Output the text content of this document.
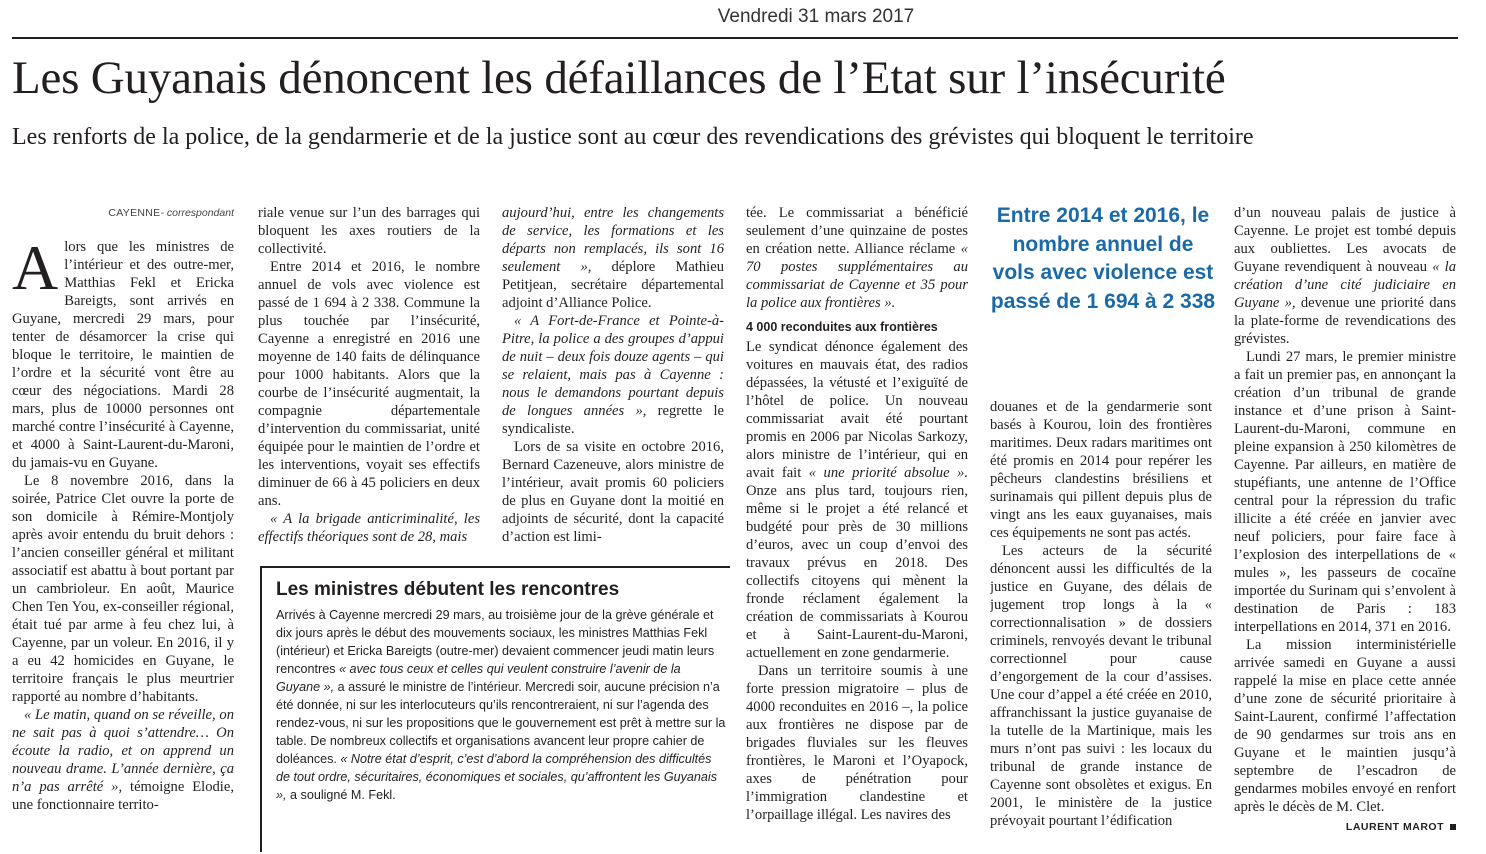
Vendredi 31 mars 2017
Les Guyanais dénoncent les défaillances de l’Etat sur l’insécurité
Les renforts de la police, de la gendarmerie et de la justice sont au cœur des revendications des grévistes qui bloquent le territoire
CAYENNE- correspondant

Alors que les ministres de l’intérieur et des outre-mer, Matthias Fekl et Ericka Bareigts, sont arrivés en Guyane, mercredi 29 mars, pour tenter de désamorcer la crise qui bloque le territoire, le maintien de l’ordre et la sécurité vont être au cœur des négociations. Mardi 28 mars, plus de 10000 personnes ont marché contre l’insécurité à Cayenne, et 4000 à Saint-Laurent-du-Maroni, du jamais-vu en Guyane.

Le 8 novembre 2016, dans la soirée, Patrice Clet ouvre la porte de son domicile à Rémire-Montjoly après avoir entendu du bruit dehors : l’ancien conseiller général et militant associatif est abattu à bout portant par un cambrioleur. En août, Maurice Chen Ten You, ex-conseiller régional, était tué par arme à feu chez lui, à Cayenne, par un voleur. En 2016, il y a eu 42 homicides en Guyane, le territoire français le plus meurtrier rapporté au nombre d’habitants.

« Le matin, quand on se réveille, on ne sait pas à quoi s’attendre… On écoute la radio, et on apprend un nouveau drame. L’année dernière, ça n’a pas arrêté », témoigne Elodie, une fonctionnaire territo-

riale venue sur l’un des barrages qui bloquent les axes routiers de la collectivité.

Entre 2014 et 2016, le nombre annuel de vols avec violence est passé de 1 694 à 2 338. Commune la plus touchée par l’insécurité, Cayenne a enregistré en 2016 une moyenne de 140 faits de délinquance pour 1000 habitants. Alors que la courbe de l’insécurité augmentait, la compagnie départementale d’intervention du commissariat, unité équipée pour le maintien de l’ordre et les interventions, voyait ses effectifs diminuer de 66 à 45 policiers en deux ans.

« A la brigade anticriminalité, les effectifs théoriques sont de 28, mais

aujourd’hui, entre les changements de service, les formations et les départs non remplacés, ils sont 16 seulement », déplore Mathieu Petitjean, secrétaire départemental adjoint d’Alliance Police.

« A Fort-de-France et Pointe-à-Pitre, la police a des groupes d’appui de nuit – deux fois douze agents – qui se relaient, mais pas à Cayenne : nous le demandons pourtant depuis de longues années », regrette le syndicaliste.

Lors de sa visite en octobre 2016, Bernard Cazeneuve, alors ministre de l’intérieur, avait promis 60 policiers de plus en Guyane dont la moitié en adjoints de sécurité, dont la capacité d’action est limi-

tée. Le commissariat a bénéficié seulement d’une quinzaine de postes en création nette. Alliance réclame « 70 postes supplémentaires au commissariat de Cayenne et 35 pour la police aux frontières ».

4 000 reconduites aux frontières

Le syndicat dénonce également des voitures en mauvais état, des radios dépassées, la vétusté et l’exiguïté de l’hôtel de police. Un nouveau commissariat avait été pourtant promis en 2006 par Nicolas Sarkozy, alors ministre de l’intérieur, qui en avait fait « une priorité absolue ». Onze ans plus tard, toujours rien, même si le projet a été relancé et budgété pour près de 30 millions d’euros, avec un coup d’envoi des travaux prévus en 2018. Des collectifs citoyens qui mènent la fronde réclament également la création de commissariats à Kourou et à Saint-Laurent-du-Maroni, actuellement en zone gendarmerie.

Dans un territoire soumis à une forte pression migratoire – plus de 4000 reconduites en 2016 –, la police aux frontières ne dispose par de brigades fluviales sur les fleuves frontières, le Maroni et l’Oyapock, axes de pénétration pour l’immigration clandestine et l’orpaillage illégal. Les navires des

Entre 2014 et 2016, le nombre annuel de vols avec violence est passé de 1 694 à 2 338

douanes et de la gendarmerie sont basés à Kourou, loin des frontières maritimes. Deux radars maritimes ont été promis en 2014 pour repérer les pêcheurs clandestins brésiliens et surinamais qui pillent depuis plus de vingt ans les eaux guyanaises, mais ces équipements ne sont pas actés.

Les acteurs de la sécurité dénoncent aussi les difficultés de la justice en Guyane, des délais de jugement trop longs à la « correctionnalisation » de dossiers criminels, renvoyés devant le tribunal correctionnel pour cause d’engorgement de la cour d’assises. Une cour d’appel a été créée en 2010, affranchissant la justice guyanaise de la tutelle de la Martinique, mais les murs n’ont pas suivi : les locaux du tribunal de grande instance de Cayenne sont obsolètes et exigus. En 2001, le ministère de la justice prévoyait pourtant l’édification

d’un nouveau palais de justice à Cayenne. Le projet est tombé depuis aux oubliettes. Les avocats de Guyane revendiquent à nouveau « la création d’une cité judiciaire en Guyane », devenue une priorité dans la plate-forme de revendications des grévistes.

Lundi 27 mars, le premier ministre a fait un premier pas, en annonçant la création d’un tribunal de grande instance et d’une prison à Saint-Laurent-du-Maroni, commune en pleine expansion à 250 kilomètres de Cayenne. Par ailleurs, en matière de stupéfiants, une antenne de l’Office central pour la répression du trafic illicite a été créée en janvier avec neuf policiers, pour faire face à l’explosion des interpellations de « mules », les passeurs de cocaïne importée du Surinam qui s’envolent à destination de Paris : 183 interpellations en 2014, 371 en 2016.

La mission interministérielle arrivée samedi en Guyane a aussi rappelé la mise en place cette année d’une zone de sécurité prioritaire à Saint-Laurent, confirmé l’affectation de 90 gendarmes sur trois ans en Guyane et le maintien jusqu’à septembre de l’escadron de gendarmes mobiles envoyé en renfort après le décès de M. Clet.

LAURENT MAROT
Les ministres débutent les rencontres
Arrivés à Cayenne mercredi 29 mars, au troisième jour de la grève générale et dix jours après le début des mouvements sociaux, les ministres Matthias Fekl (intérieur) et Ericka Bareigts (outre-mer) devaient commencer jeudi matin leurs rencontres « avec tous ceux et celles qui veulent construire l’avenir de la Guyane », a assuré le ministre de l’intérieur. Mercredi soir, aucune précision n’a été donnée, ni sur les interlocuteurs qu’ils rencontreraient, ni sur l’agenda des rendez-vous, ni sur les propositions que le gouvernement est prêt à mettre sur la table. De nombreux collectifs et organisations avancent leur propre cahier de doléances. « Notre état d’esprit, c’est d’abord la compréhension des difficultés de tout ordre, sécuritaires, économiques et sociales, qu’affrontent les Guyanais », a souligné M. Fekl.
